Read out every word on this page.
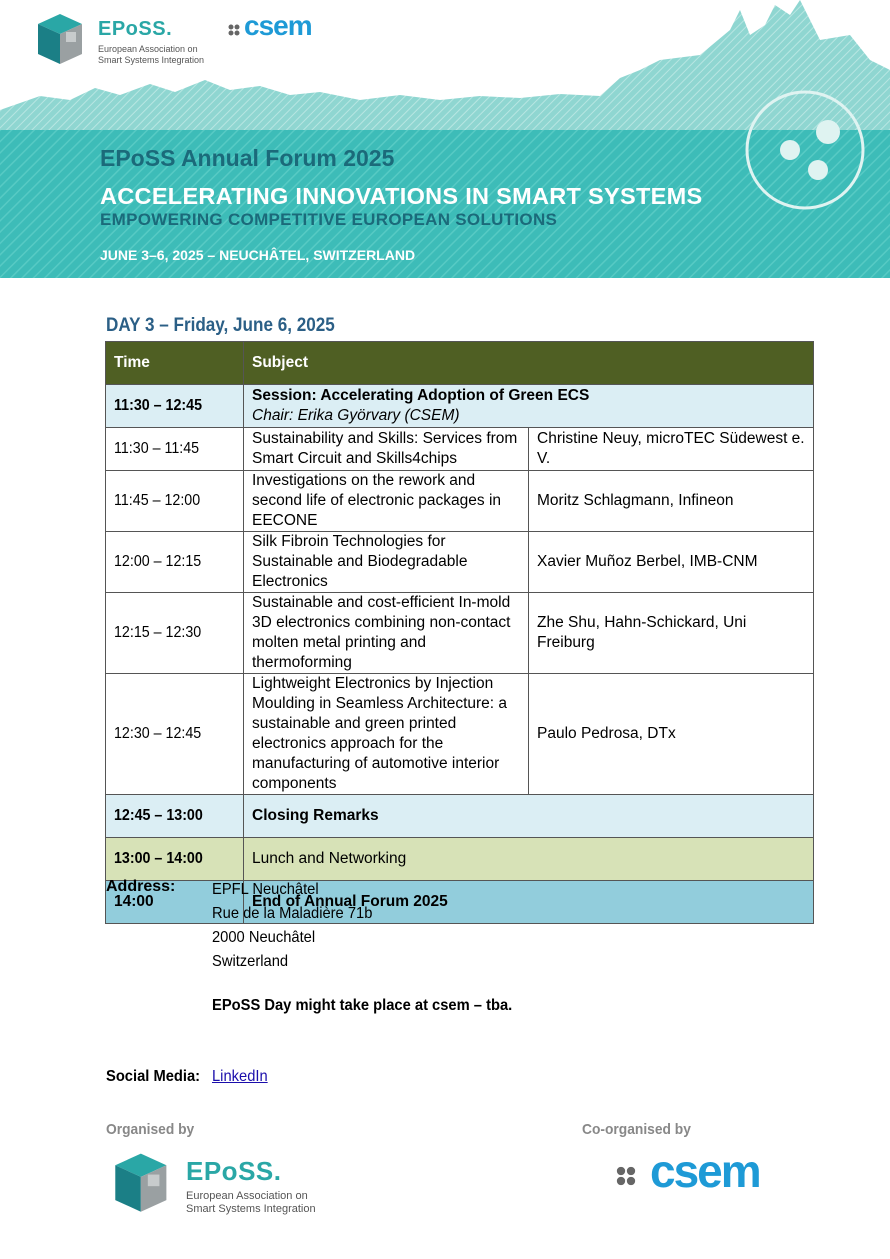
EPoSS.
European Association on
Smart Systems Integration
csem
EPoSS Annual Forum 2025
ACCELERATING INNOVATIONS IN SMART SYSTEMS
EMPOWERING COMPETITIVE EUROPEAN SOLUTIONS
JUNE 3–6, 2025 – NEUCHÂTEL, SWITZERLAND
DAY 3 – Friday, June 6, 2025
Time	Subject	
11:30 – 12:45	Session: Accelerating Adoption of Green ECS
Chair: Erika Györvary (CSEM)	

11:30 – 11:45	Sustainability and Skills: Services from Smart Circuit and Skills4chips	Christine Neuy, microTEC Südewest e. V.
11:45 – 12:00	Investigations on the rework and second life of electronic packages in EECONE	Moritz Schlagmann, Infineon
12:00 – 12:15	Silk Fibroin Technologies for Sustainable and Biodegradable Electronics	Xavier Muñoz Berbel, IMB-CNM
12:15 – 12:30	Sustainable and cost-efficient In-mold 3D electronics combining non-contact molten metal printing and thermoforming	Zhe Shu, Hahn-Schickard, Uni Freiburg
12:30 – 12:45	Lightweight Electronics by Injection Moulding in Seamless Architecture: a sustainable and green printed electronics approach for the manufacturing of automotive interior components	Paulo Pedrosa, DTx
12:45 – 13:00	Closing Remarks	
13:00 – 14:00	Lunch and Networking	
14:00	End of Annual Forum 2025	
Address: EPFL Neuchâtel
Rue de la Maladière 71b
2000 Neuchâtel
Switzerland
EPoSS Day might take place at csem – tba.
Social Media: LinkedIn
Organised by	Co-organised by
EPoSS.
European Association on
Smart Systems Integration
csem
